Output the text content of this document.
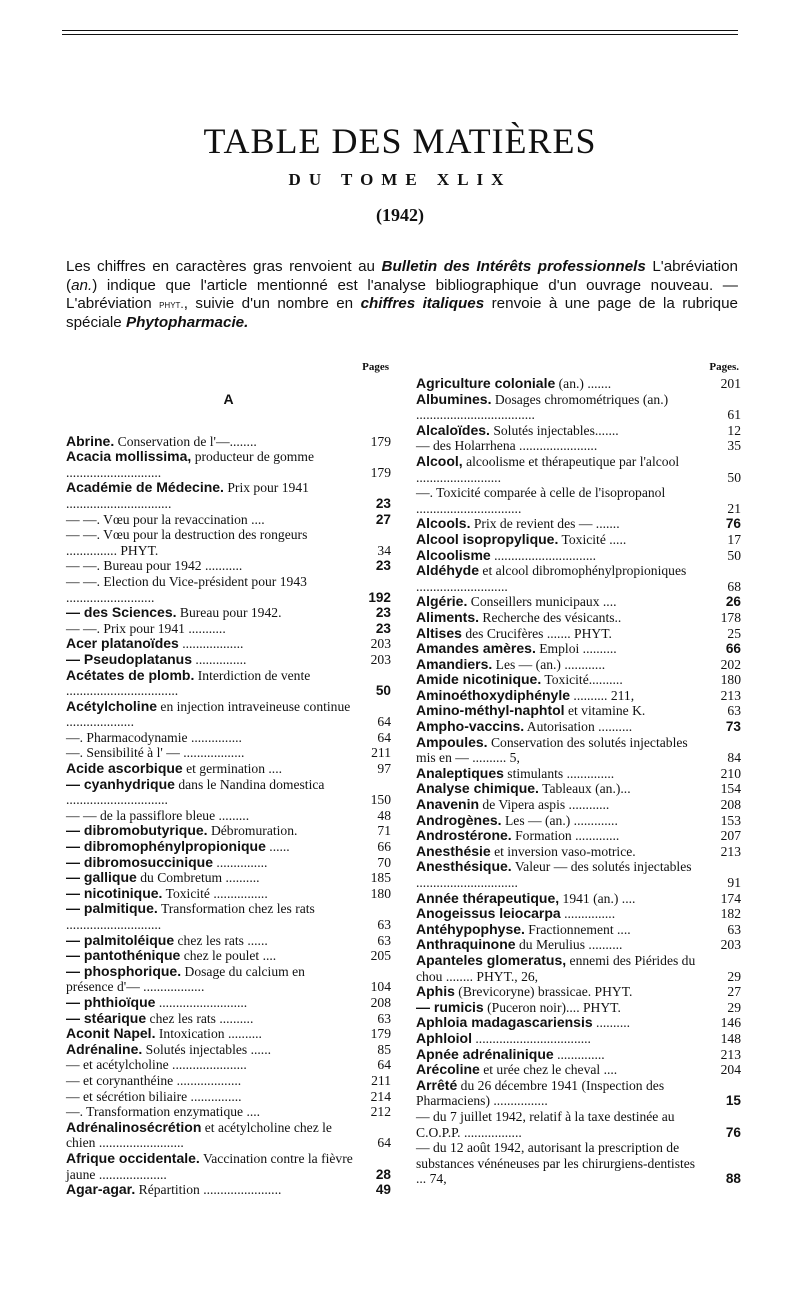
TABLE DES MATIÈRES
DU TOME XLIX
(1942)
Les chiffres en caractères gras renvoient au Bulletin des Intérêts professionnels L'abréviation (an.) indique que l'article mentionné est l'analyse bibliographique d'un ouvrage nouveau. — L'abréviation phyt., suivie d'un nombre en chiffres italiques renvoie à une page de la rubrique spéciale Phytopharmacie.
Pages
A
Abrine. Conservation de l'—........	179
Acacia mollissima, producteur de gomme ............................	179
Académie de Médecine. Prix pour 1941 ...............................	23
— —. Vœu pour la revaccination ....	27
— —. Vœu pour la destruction des rongeurs ............... PHYT.	34
— —. Bureau pour 1942 ...........	23
— —. Election du Vice-président pour 1943 ..........................	192
— des Sciences. Bureau pour 1942.	23
— —. Prix pour 1941 ...........	23
Acer platanoïdes ..................	203
— Pseudoplatanus ...............	203
Acétates de plomb. Interdiction de vente .................................	50
Acétylcholine en injection intraveineuse continue ....................	64
—. Pharmacodynamie ...............	64
—. Sensibilité à l' — ..................	211
Acide ascorbique et germination ....	97
— cyanhydrique dans le Nandina domestica ..............................	150
— — de la passiflore bleue .........	48
— dibromobutyrique. Débromuration.	71
— dibromophénylpropionique ......	66
— dibromosuccinique ...............	70
— gallique du Combretum ..........	185
— nicotinique. Toxicité ................	180
— palmitique. Transformation chez les rats ............................	63
— palmitoléique chez les rats ......	63
— pantothénique chez le poulet ....	205
— phosphorique. Dosage du calcium en présence d'— ..................	104
— phthioïque ..........................	208
— stéarique chez les rats ..........	63
Aconit Napel. Intoxication ..........	179
Adrénaline. Solutés injectables ......	85
— et acétylcholine ......................	64
— et corynanthéine ...................	211
— et sécrétion biliaire ...............	214
—. Transformation enzymatique ....	212
Adrénalinosécrétion et acétylcholine chez le chien .........................	64
Afrique occidentale. Vaccination contre la fièvre jaune ....................	28
Agar-agar. Répartition .......................	49
Pages.
Agriculture coloniale (an.) .......	201
Albumines. Dosages chromométriques (an.) ...................................	61
Alcaloïdes. Solutés injectables.......	12
— des Holarrhena .......................	35
Alcool, alcoolisme et thérapeutique par l'alcool .........................	50
—. Toxicité comparée à celle de l'isopropanol ...............................	21
Alcools. Prix de revient des — .......	76
Alcool isopropylique. Toxicité .....	17
Alcoolisme ..............................	50
Aldéhyde et alcool dibromophénylpropioniques ...........................	68
Algérie. Conseillers municipaux ....	26
Aliments. Recherche des vésicants..	178
Altises des Crucifères ....... PHYT.	25
Amandes amères. Emploi ..........	66
Amandiers. Les — (an.) ............	202
Amide nicotinique. Toxicité..........	180
Aminoéthoxydiphényle .......... 211,	213
Amino-méthyl-naphtol et vitamine K.	63
Ampho-vaccins. Autorisation ..........	73
Ampoules. Conservation des solutés injectables mis en — .......... 5,	84
Analeptiques stimulants ..............	210
Analyse chimique. Tableaux (an.)...	154
Anavenin de Vipera aspis ............	208
Androgènes. Les — (an.) .............	153
Androstérone. Formation .............	207
Anesthésie et inversion vaso-motrice.	213
Anesthésique. Valeur — des solutés injectables ..............................	91
Année thérapeutique, 1941 (an.) ....	174
Anogeissus leiocarpa ...............	182
Antéhypophyse. Fractionnement ....	63
Anthraquinone du Merulius ..........	203
Apanteles glomeratus, ennemi des Piérides du chou ........ PHYT., 26,	29
Aphis (Brevicoryne) brassicae. PHYT.	27
— rumicis (Puceron noir).... PHYT.	29
Aphloia madagascariensis ..........	146
Aphloiol ..................................	148
Apnée adrénalinique ..............	213
Arécoline et urée chez le cheval ....	204
Arrêté du 26 décembre 1941 (Inspection des Pharmaciens) ................	15
— du 7 juillet 1942, relatif à la taxe destinée au C.O.P.P. .................	76
— du 12 août 1942, autorisant la prescription de substances vénéneuses par les chirurgiens-dentistes ... 74,	88
